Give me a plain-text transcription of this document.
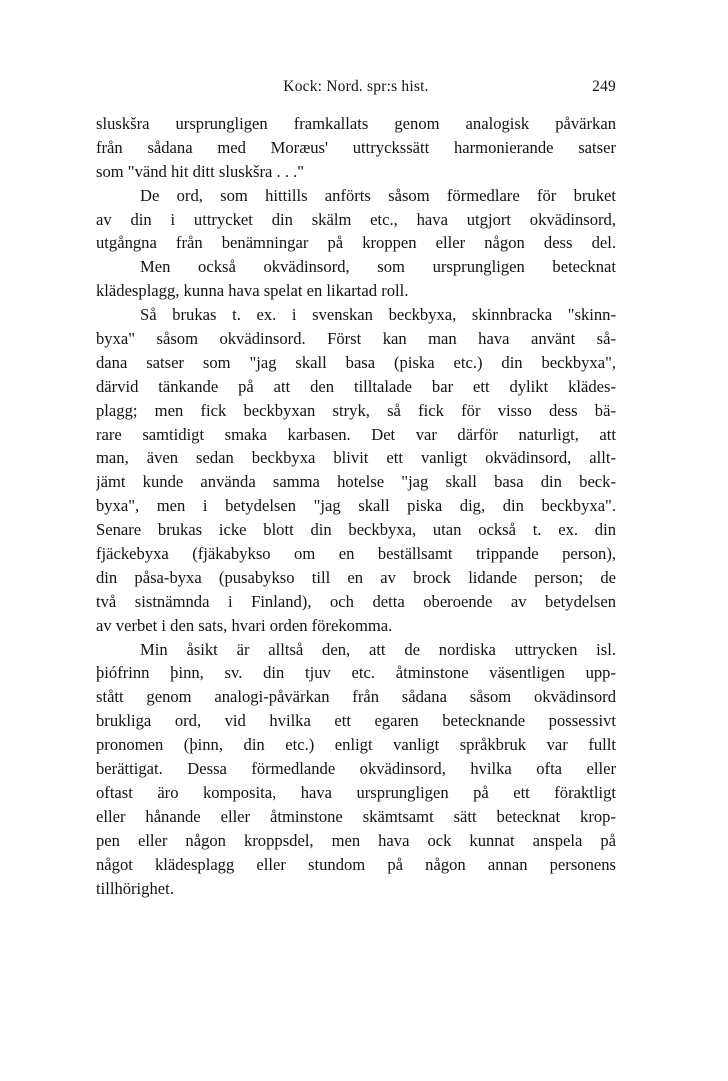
Kock: Nord. spr:s hist.	249
sluskšra ursprungligen framkallats genom analogisk påvärkan
från sådana med Moræus' uttryckssätt harmonierande satser
som "vänd hit ditt sluskšra . . ."
De ord, som hittills anförts såsom förmedlare för bruket
av din i uttrycket din skälm etc., hava utgjort okvädinsord,
utgångna från benämningar på kroppen eller någon dess del.
Men också okvädinsord, som ursprungligen betecknat
klädesplagg, kunna hava spelat en likartad roll.
Så brukas t. ex. i svenskan beckbyxa, skinnbracka "skinn-
byxa" såsom okvädinsord. Först kan man hava använt så-
dana satser som "jag skall basa (piska etc.) din beckbyxa",
därvid tänkande på att den tilltalade bar ett dylikt klädes-
plagg; men fick beckbyxan stryk, så fick för visso dess bä-
rare samtidigt smaka karbasen. Det var därför naturligt, att
man, även sedan beckbyxa blivit ett vanligt okvädinsord, allt-
jämt kunde använda samma hotelse "jag skall basa din beck-
byxa", men i betydelsen "jag skall piska dig, din beckbyxa".
Senare brukas icke blott din beckbyxa, utan också t. ex. din
fjäckebyxa (fjäkabykso om en beställsamt trippande person),
din påsa-byxa (pusabykso till en av brock lidande person; de
två sistnämnda i Finland), och detta oberoende av betydelsen
av verbet i den sats, hvari orden förekomma.
Min åsikt är alltså den, att de nordiska uttrycken isl.
þiófrinn þinn, sv. din tjuv etc. åtminstone väsentligen upp-
stått genom analogi-påvärkan från sådana såsom okvädinsord
brukliga ord, vid hvilka ett egaren betecknande possessivt
pronomen (þinn, din etc.) enligt vanligt språkbruk var fullt
berättigat. Dessa förmedlande okvädinsord, hvilka ofta eller
oftast äro komposita, hava ursprungligen på ett föraktligt
eller hånande eller åtminstone skämtsamt sätt betecknat krop-
pen eller någon kroppsdel, men hava ock kunnat anspela på
något klädesplagg eller stundom på någon annan personens
tillhörighet.
